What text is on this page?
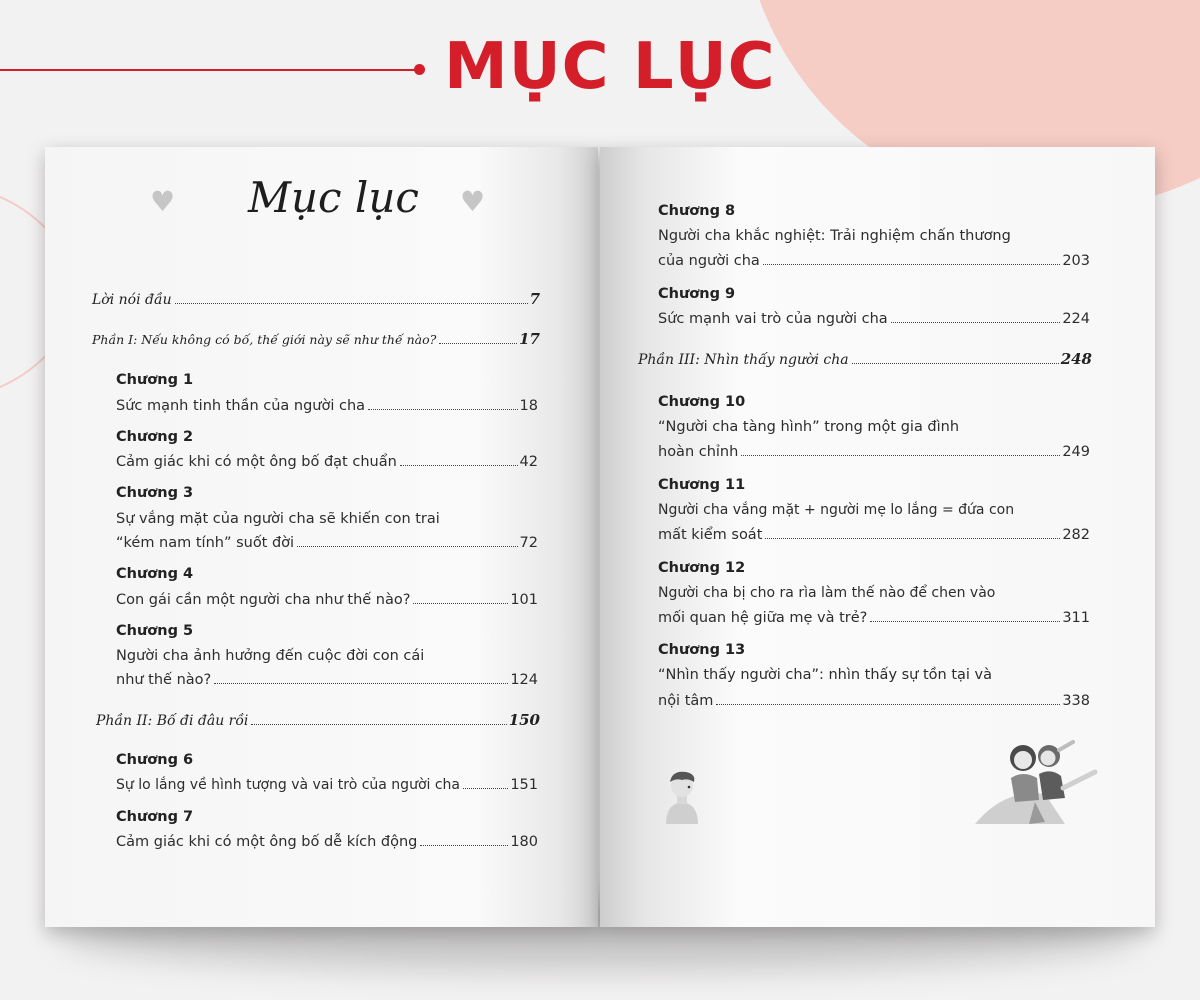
MỤC LỤC
♥	♥
Mục lục
Lời nói đầu	7
Phần I: Nếu không có bố, thế giới này sẽ như thế nào?	17
Chương 1
Sức mạnh tinh thần của người cha	18
Chương 2
Cảm giác khi có một ông bố đạt chuẩn	42
Chương 3
Sự vắng mặt của người cha sẽ khiến con trai
“kém nam tính” suốt đời	72
Chương 4
Con gái cần một người cha như thế nào?	101
Chương 5
Người cha ảnh hưởng đến cuộc đời con cái
như thế nào?	124
Phần II: Bố đi đâu rồi	150
Chương 6
Sự lo lắng về hình tượng và vai trò của người cha	151
Chương 7
Cảm giác khi có một ông bố dễ kích động	180
Chương 8
Người cha khắc nghiệt: Trải nghiệm chấn thương
của người cha	203
Chương 9
Sức mạnh vai trò của người cha	224
Phần III: Nhìn thấy người cha	248
Chương 10
“Người cha tàng hình” trong một gia đình
hoàn chỉnh	249
Chương 11
Người cha vắng mặt + người mẹ lo lắng = đứa con
mất kiểm soát	282
Chương 12
Người cha bị cho ra rìa làm thế nào để chen vào
mối quan hệ giữa mẹ và trẻ?	311
Chương 13
“Nhìn thấy người cha”: nhìn thấy sự tồn tại và
nội tâm	338
